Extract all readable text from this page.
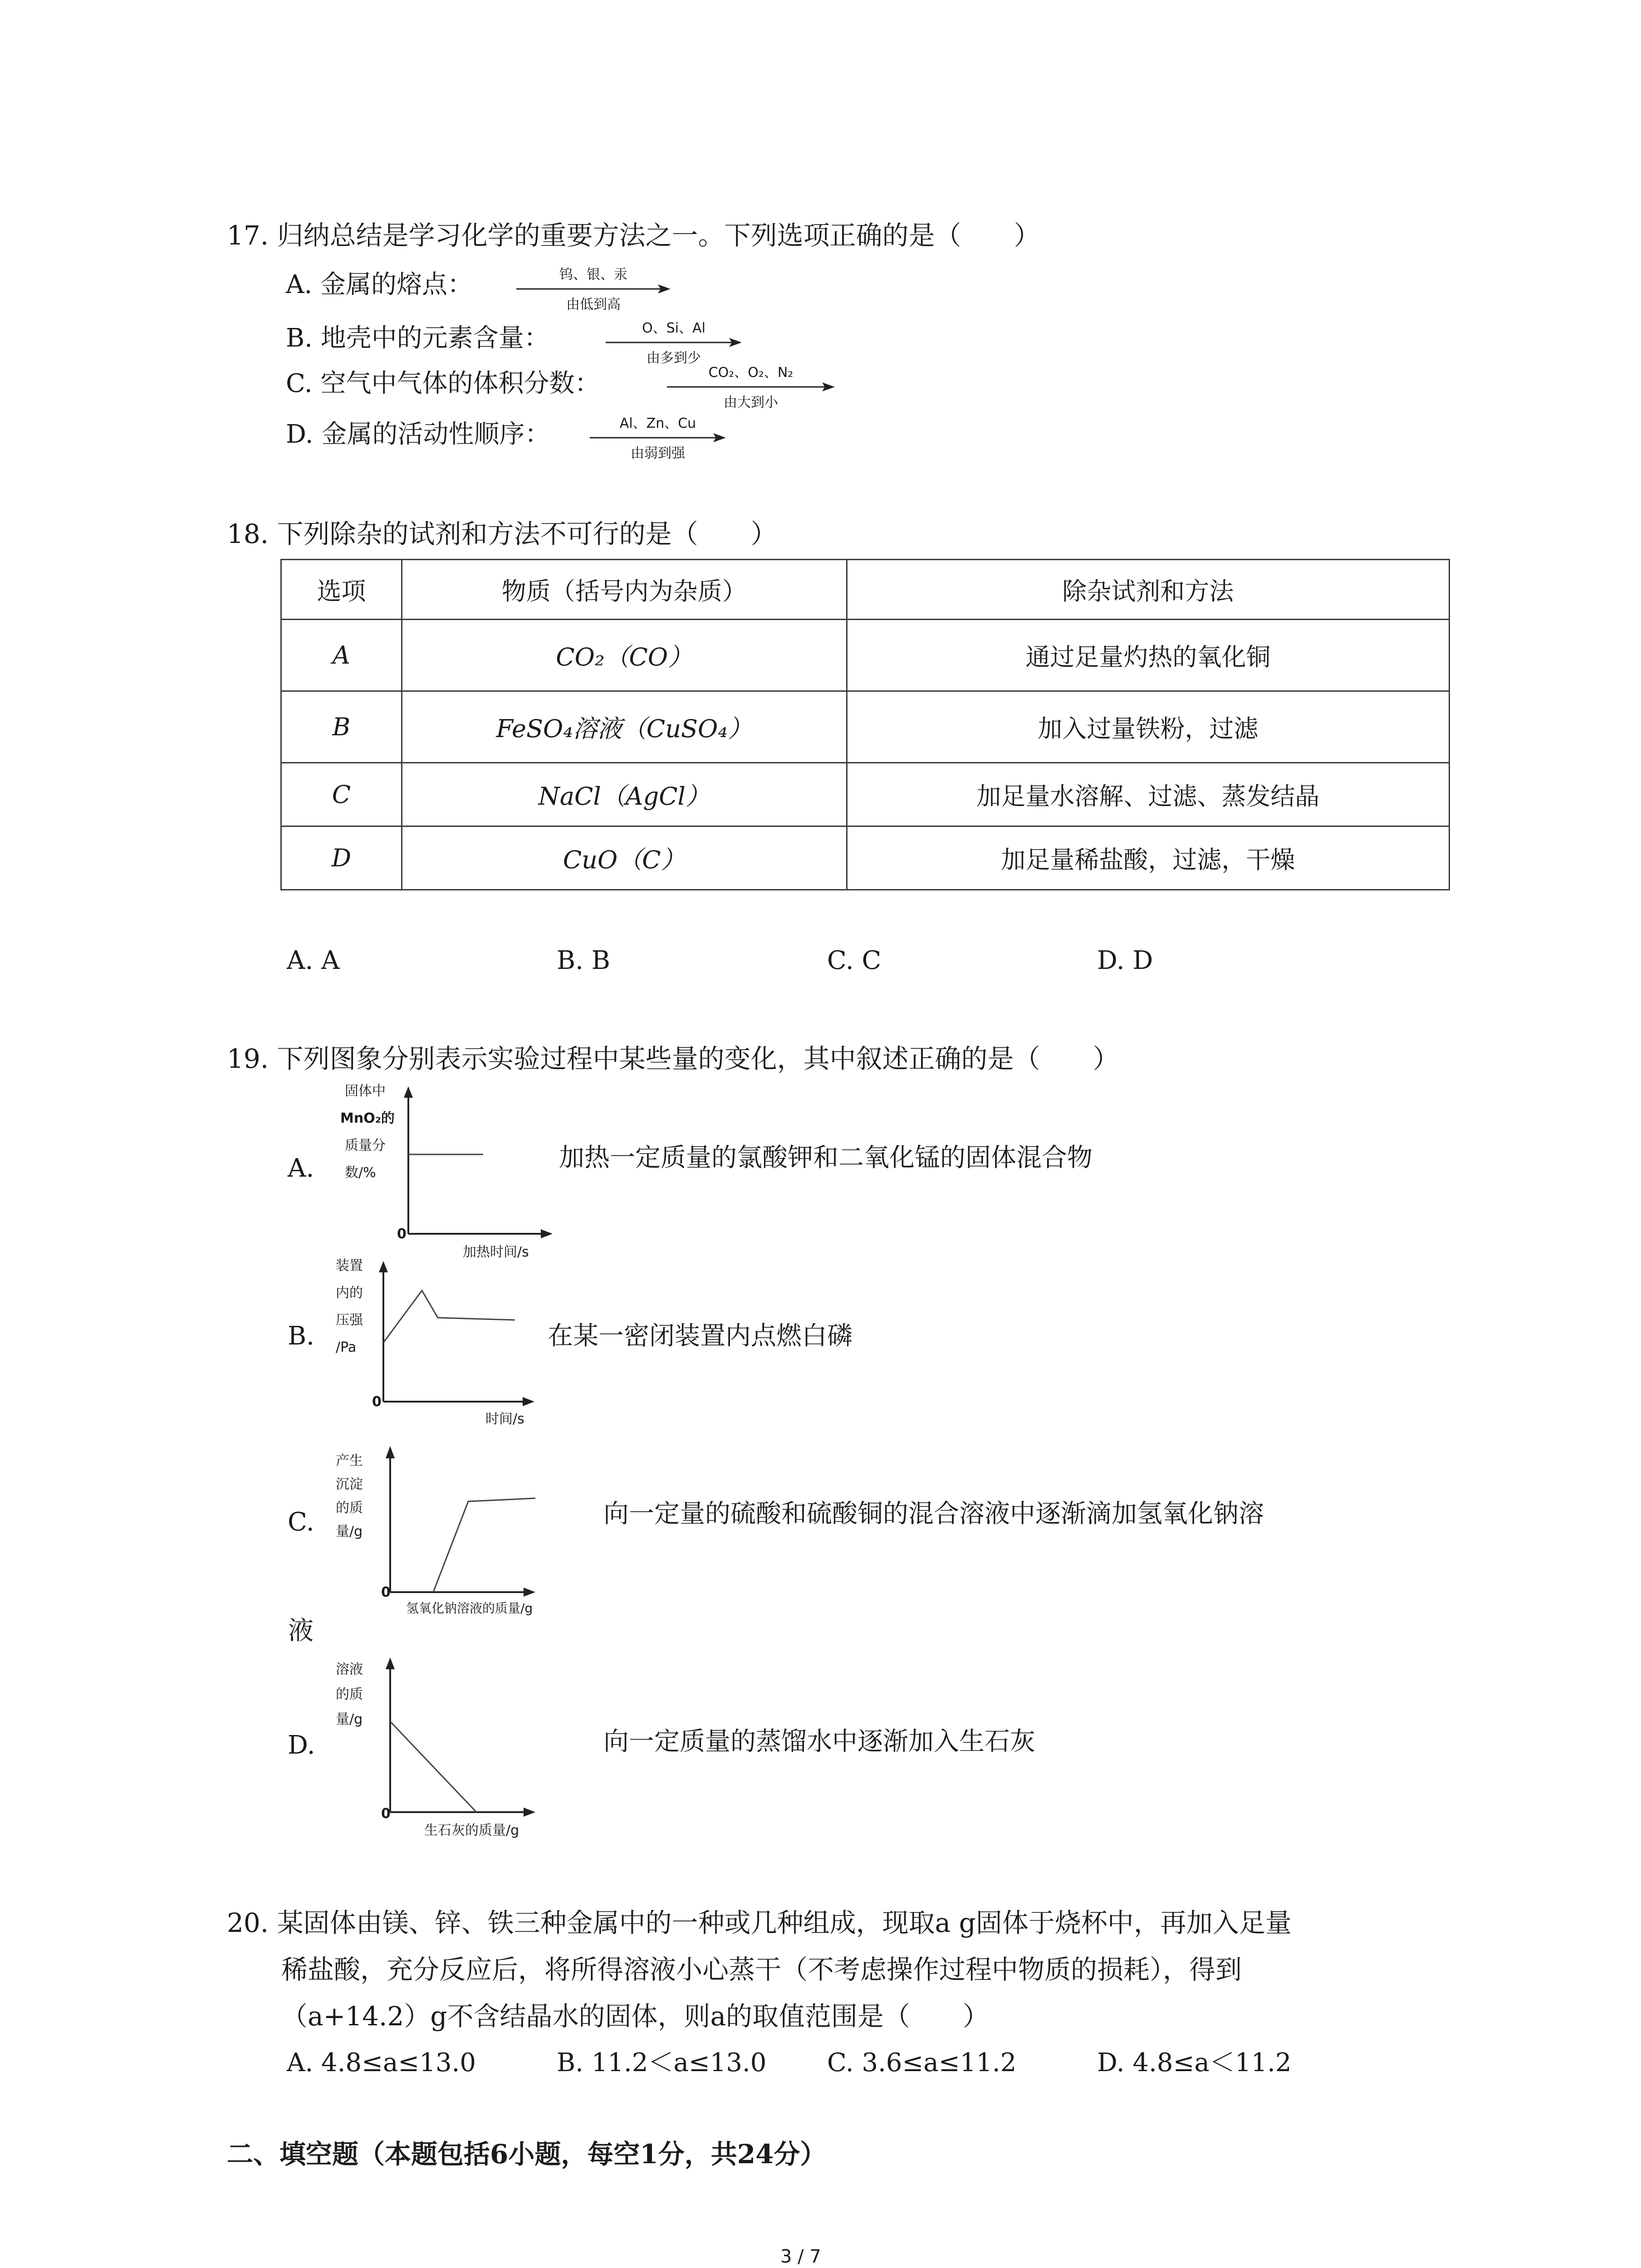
17. 归纳总结是学习化学的重要方法之一。下列选项正确的是（　　）
A. 金属的熔点：	钨、银、汞
由低到高
B. 地壳中的元素含量：	O、Si、Al
由多到少
C. 空气中气体的体积分数：	CO₂、O₂、N₂
由大到小
D. 金属的活动性顺序：	Al、Zn、Cu
由弱到强
18. 下列除杂的试剂和方法不可行的是（　　）
选项	物质（括号内为杂质）	除杂试剂和方法
A	CO₂（CO）	通过足量灼热的氧化铜
B	FeSO₄溶液（CuSO₄）	加入过量铁粉，过滤
C	NaCl（AgCl）	加足量水溶解、过滤、蒸发结晶
D	CuO（C）	加足量稀盐酸，过滤，干燥
A. A	B. B	C. C	D. D
19. 下列图象分别表示实验过程中某些量的变化，其中叙述正确的是（　　）
A.
固体中
MnO₂的
质量分
数/%
0
加热时间/s
加热一定质量的氯酸钾和二氧化锰的固体混合物
B.
装置
内的
压强
/Pa
0
时间/s
在某一密闭装置内点燃白磷
C.
产生
沉淀
的质
量/g
0
氢氧化钠溶液的质量/g
向一定量的硫酸和硫酸铜的混合溶液中逐渐滴加氢氧化钠溶
液
D.
溶液
的质
量/g
0
生石灰的质量/g
向一定质量的蒸馏水中逐渐加入生石灰
20. 某固体由镁、锌、铁三种金属中的一种或几种组成，现取a g固体于烧杯中，再加入足量
稀盐酸，充分反应后，将所得溶液小心蒸干（不考虑操作过程中物质的损耗），得到
（a+14.2）g不含结晶水的固体，则a的取值范围是（　　）
A. 4.8≤a≤13.0	B. 11.2＜a≤13.0 C. 3.6≤a≤11.2	D. 4.8≤a＜11.2
二、填空题（本题包括6小题，每空1分，共24分）
3 / 7
